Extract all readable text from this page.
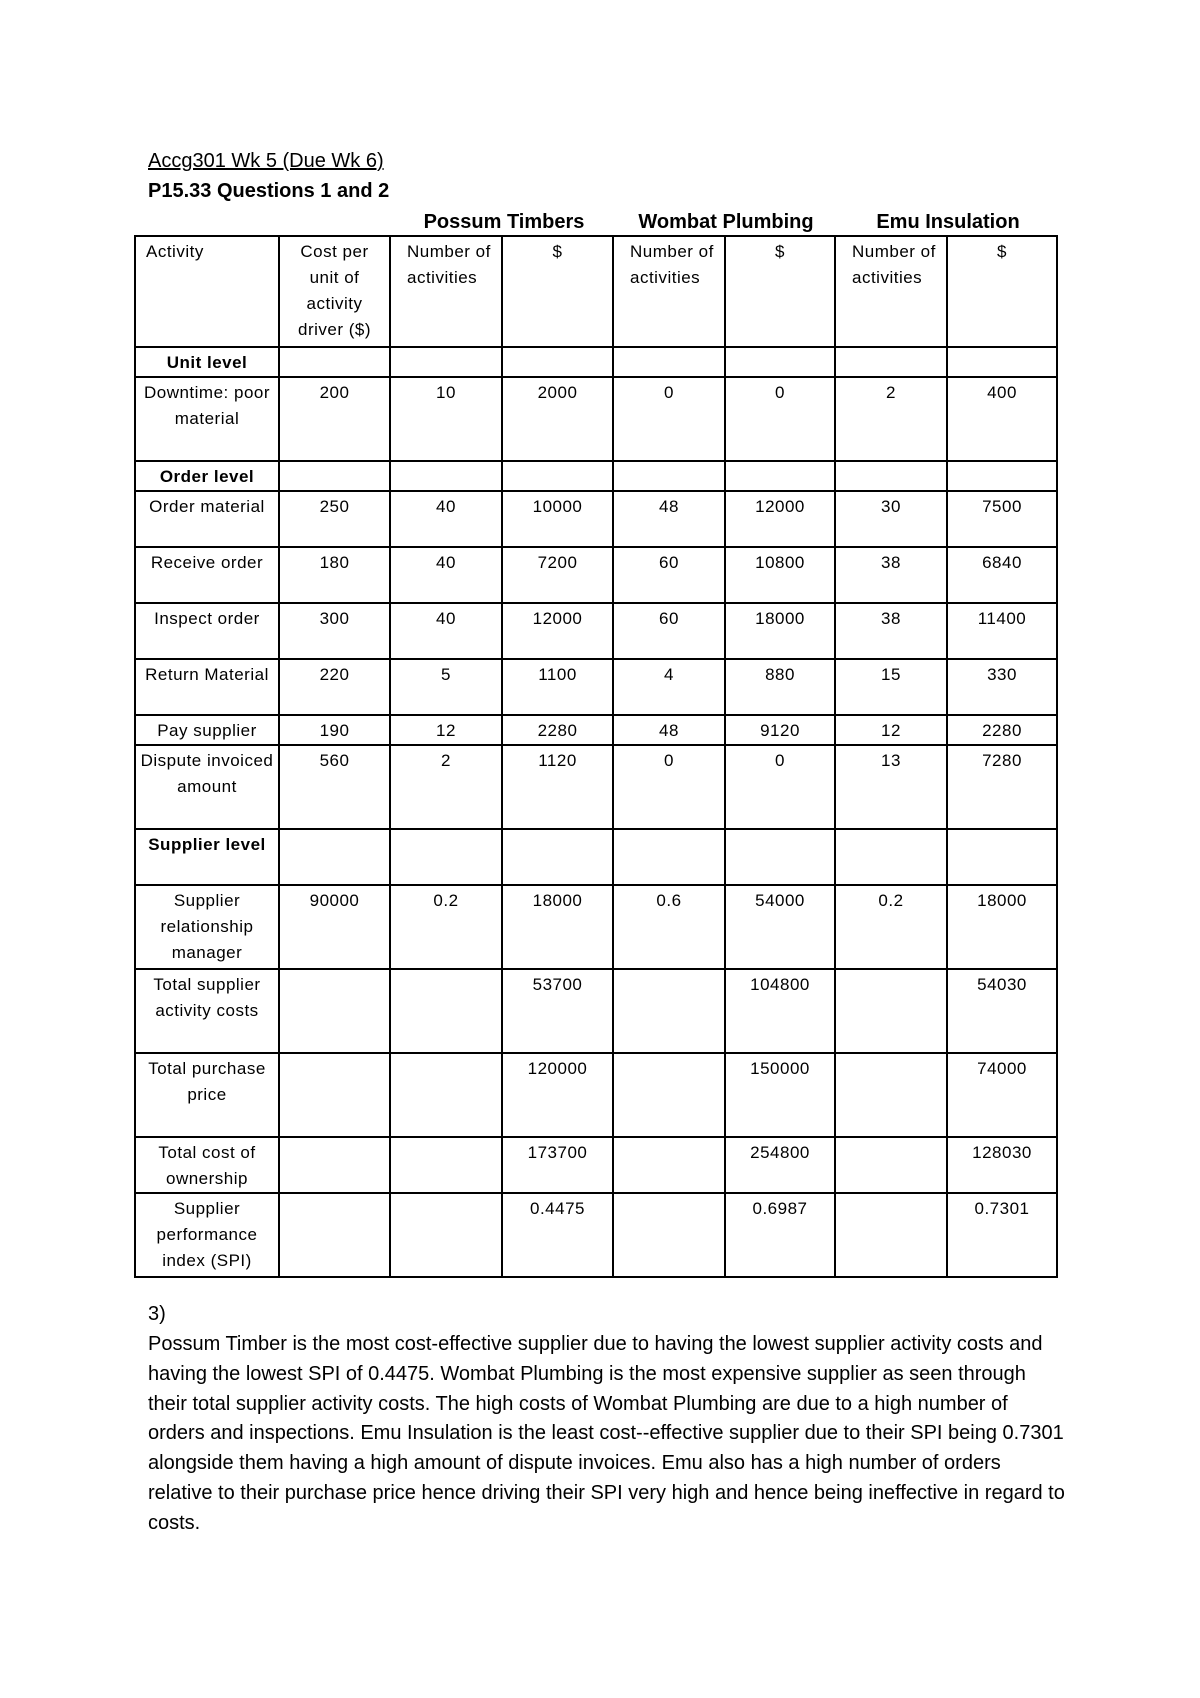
Accg301 Wk 5 (Due Wk 6)
P15.33 Questions 1 and 2
Possum Timbers	Wombat Plumbing	Emu Insulation
Activity	Cost per unit of activity driver ($)	Number of activities	$	Number of activities	$	Number of activities	$
Unit level							
Downtime: poor material	200	10	2000	0	0	2	400
Order level							
Order material	250	40	10000	48	12000	30	7500
Receive order	180	40	7200	60	10800	38	6840
Inspect order	300	40	12000	60	18000	38	11400
Return Material	220	5	1100	4	880	15	330
Pay supplier	190	12	2280	48	9120	12	2280
Dispute invoiced amount	560	2	1120	0	0	13	7280
Supplier level							
Supplier relationship manager	90000	0.2	18000	0.6	54000	0.2	18000
Total supplier activity costs			53700		104800		54030
Total purchase price			120000		150000		74000
Total cost of ownership			173700		254800		128030
Supplier performance index (SPI)			0.4475		0.6987		0.7301
3)
Possum Timber is the most cost-effective supplier due to having the lowest supplier activity costs and having the lowest SPI of 0.4475. Wombat Plumbing is the most expensive supplier as seen through their total supplier activity costs. The high costs of Wombat Plumbing are due to a high number of orders and inspections. Emu Insulation is the least cost--effective supplier due to their SPI being 0.7301 alongside them having a high amount of dispute invoices. Emu also has a high number of orders relative to their purchase price hence driving their SPI very high and hence being ineffective in regard to costs.
